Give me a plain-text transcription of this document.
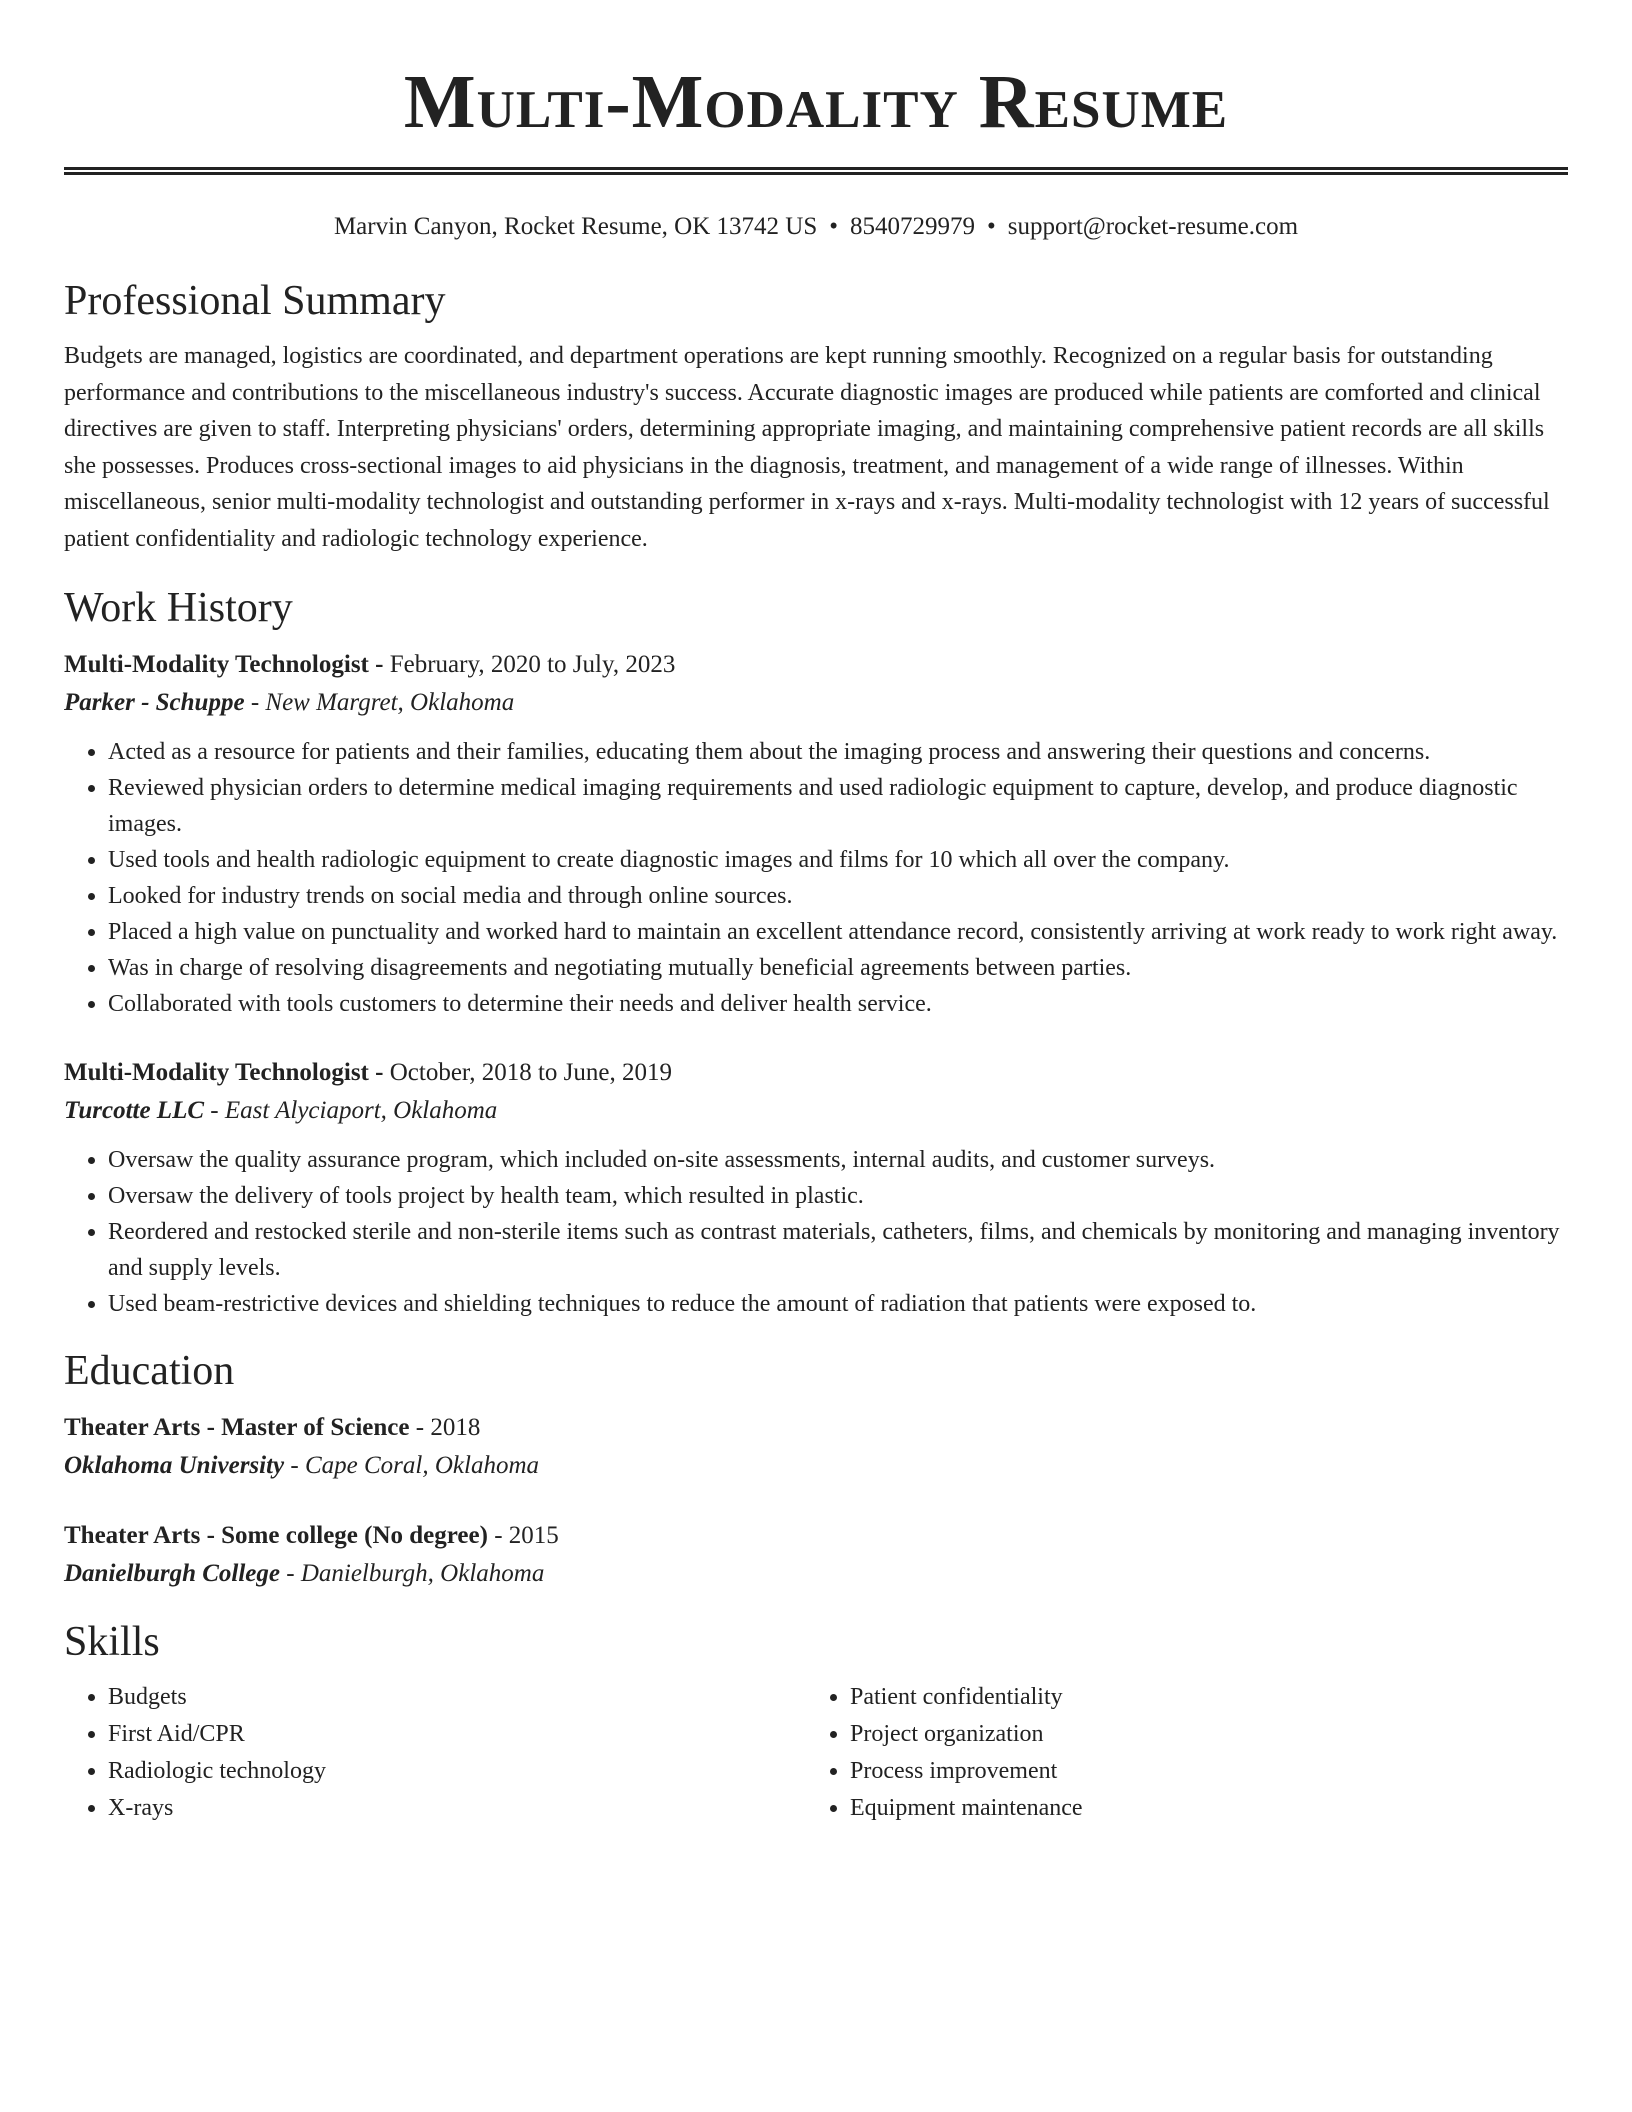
Multi-Modality Resume
Marvin Canyon, Rocket Resume, OK 13742 US • 8540729979 • support@rocket-resume.com
Professional Summary
Budgets are managed, logistics are coordinated, and department operations are kept running smoothly. Recognized on a regular basis for outstanding performance and contributions to the miscellaneous industry's success. Accurate diagnostic images are produced while patients are comforted and clinical directives are given to staff. Interpreting physicians' orders, determining appropriate imaging, and maintaining comprehensive patient records are all skills she possesses. Produces cross-sectional images to aid physicians in the diagnosis, treatment, and management of a wide range of illnesses. Within miscellaneous, senior multi-modality technologist and outstanding performer in x-rays and x-rays. Multi-modality technologist with 12 years of successful patient confidentiality and radiologic technology experience.
Work History
Multi-Modality Technologist - February, 2020 to July, 2023
Parker - Schuppe - New Margret, Oklahoma
• Acted as a resource for patients and their families, educating them about the imaging process and answering their questions and concerns.
• Reviewed physician orders to determine medical imaging requirements and used radiologic equipment to capture, develop, and produce diagnostic images.
• Used tools and health radiologic equipment to create diagnostic images and films for 10 which all over the company.
• Looked for industry trends on social media and through online sources.
• Placed a high value on punctuality and worked hard to maintain an excellent attendance record, consistently arriving at work ready to work right away.
• Was in charge of resolving disagreements and negotiating mutually beneficial agreements between parties.
• Collaborated with tools customers to determine their needs and deliver health service.
Multi-Modality Technologist - October, 2018 to June, 2019
Turcotte LLC - East Alyciaport, Oklahoma
• Oversaw the quality assurance program, which included on-site assessments, internal audits, and customer surveys.
• Oversaw the delivery of tools project by health team, which resulted in plastic.
• Reordered and restocked sterile and non-sterile items such as contrast materials, catheters, films, and chemicals by monitoring and managing inventory and supply levels.
• Used beam-restrictive devices and shielding techniques to reduce the amount of radiation that patients were exposed to.
Education
Theater Arts - Master of Science - 2018
Oklahoma University - Cape Coral, Oklahoma
Theater Arts - Some college (No degree) - 2015
Danielburgh College - Danielburgh, Oklahoma
Skills
• Budgets
• First Aid/CPR
• Radiologic technology
• X-rays
• Patient confidentiality
• Project organization
• Process improvement
• Equipment maintenance
